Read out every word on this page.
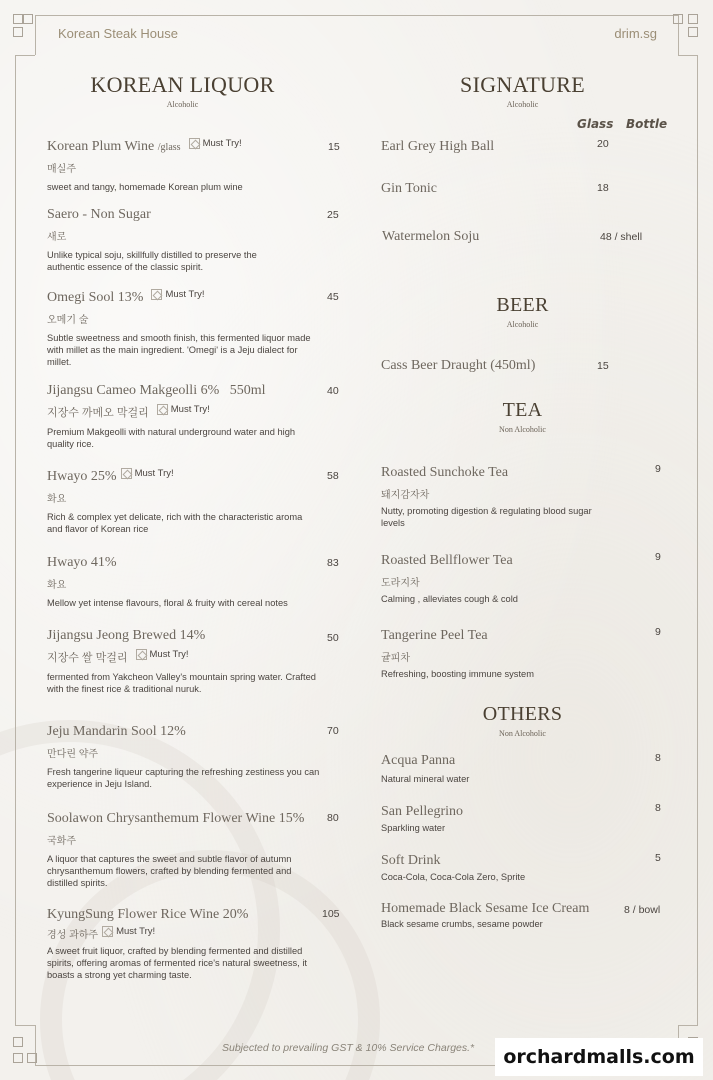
Korean Steak House	drim.sg
KOREAN LIQUOR
Alcoholic
Korean Plum Wine /glass Must Try!
매실주
sweet and tangy, homemade Korean plum wine
15
Saero - Non Sugar
새로
Unlike typical soju, skillfully distilled to preserve the authentic essence of the classic spirit.
25
Omegi Sool 13% Must Try!
오메기 술
Subtle sweetness and smooth finish, this fermented liquor made with millet as the main ingredient. 'Omegi' is a Jeju dialect for millet.
45
Jijangsu Cameo Makgeolli 6%   550ml
지장수 까메오 막걸리 Must Try!
Premium Makgeolli with natural underground water and high quality rice.
40
Hwayo 25% Must Try!
화요
Rich & complex yet delicate, rich with the characteristic aroma and flavor of Korean rice
58
Hwayo 41%
화요
Mellow yet intense flavours, floral & fruity with cereal notes
83
Jijangsu Jeong Brewed 14%
지장수 쌀 막걸리 Must Try!
fermented from Yakcheon Valley's mountain spring water. Crafted with the finest rice & traditional nuruk.
50
Jeju Mandarin Sool 12%
만다린 약주
Fresh tangerine liqueur capturing the refreshing zestiness you can experience in Jeju Island.
70
Soolawon Chrysanthemum Flower Wine 15%
국화주
A liquor that captures the sweet and subtle flavor of autumn chrysanthemum flowers, crafted by blending fermented and distilled spirits.
80
KyungSung Flower Rice Wine 20%
경성 과하주 Must Try!
A sweet fruit liquor, crafted by blending fermented and distilled spirits, offering aromas of fermented rice's natural sweetness, it boasts a strong yet charming taste.
105
SIGNATURE
Alcoholic
Glass Bottle
Earl Grey High Ball	20
Gin Tonic	18
Watermelon Soju	48 / shell
BEER
Alcoholic
Cass Beer Draught (450ml)	15
TEA
Non Alcoholic
Roasted Sunchoke Tea
돼지감자차
Nutty, promoting digestion & regulating blood sugar levels
9
Roasted Bellflower Tea
도라지차
Calming , alleviates cough & cold
9
Tangerine Peel Tea
귤피차
Refreshing, boosting immune system
9
OTHERS
Non Alcoholic
Acqua Panna
Natural mineral water
8
San Pellegrino
Sparkling water
8
Soft Drink
Coca-Cola, Coca-Cola Zero, Sprite
5
Homemade Black Sesame Ice Cream
Black sesame crumbs, sesame powder
8 / bowl
Subjected to prevailing GST & 10% Service Charges.*	orchardmalls.com
